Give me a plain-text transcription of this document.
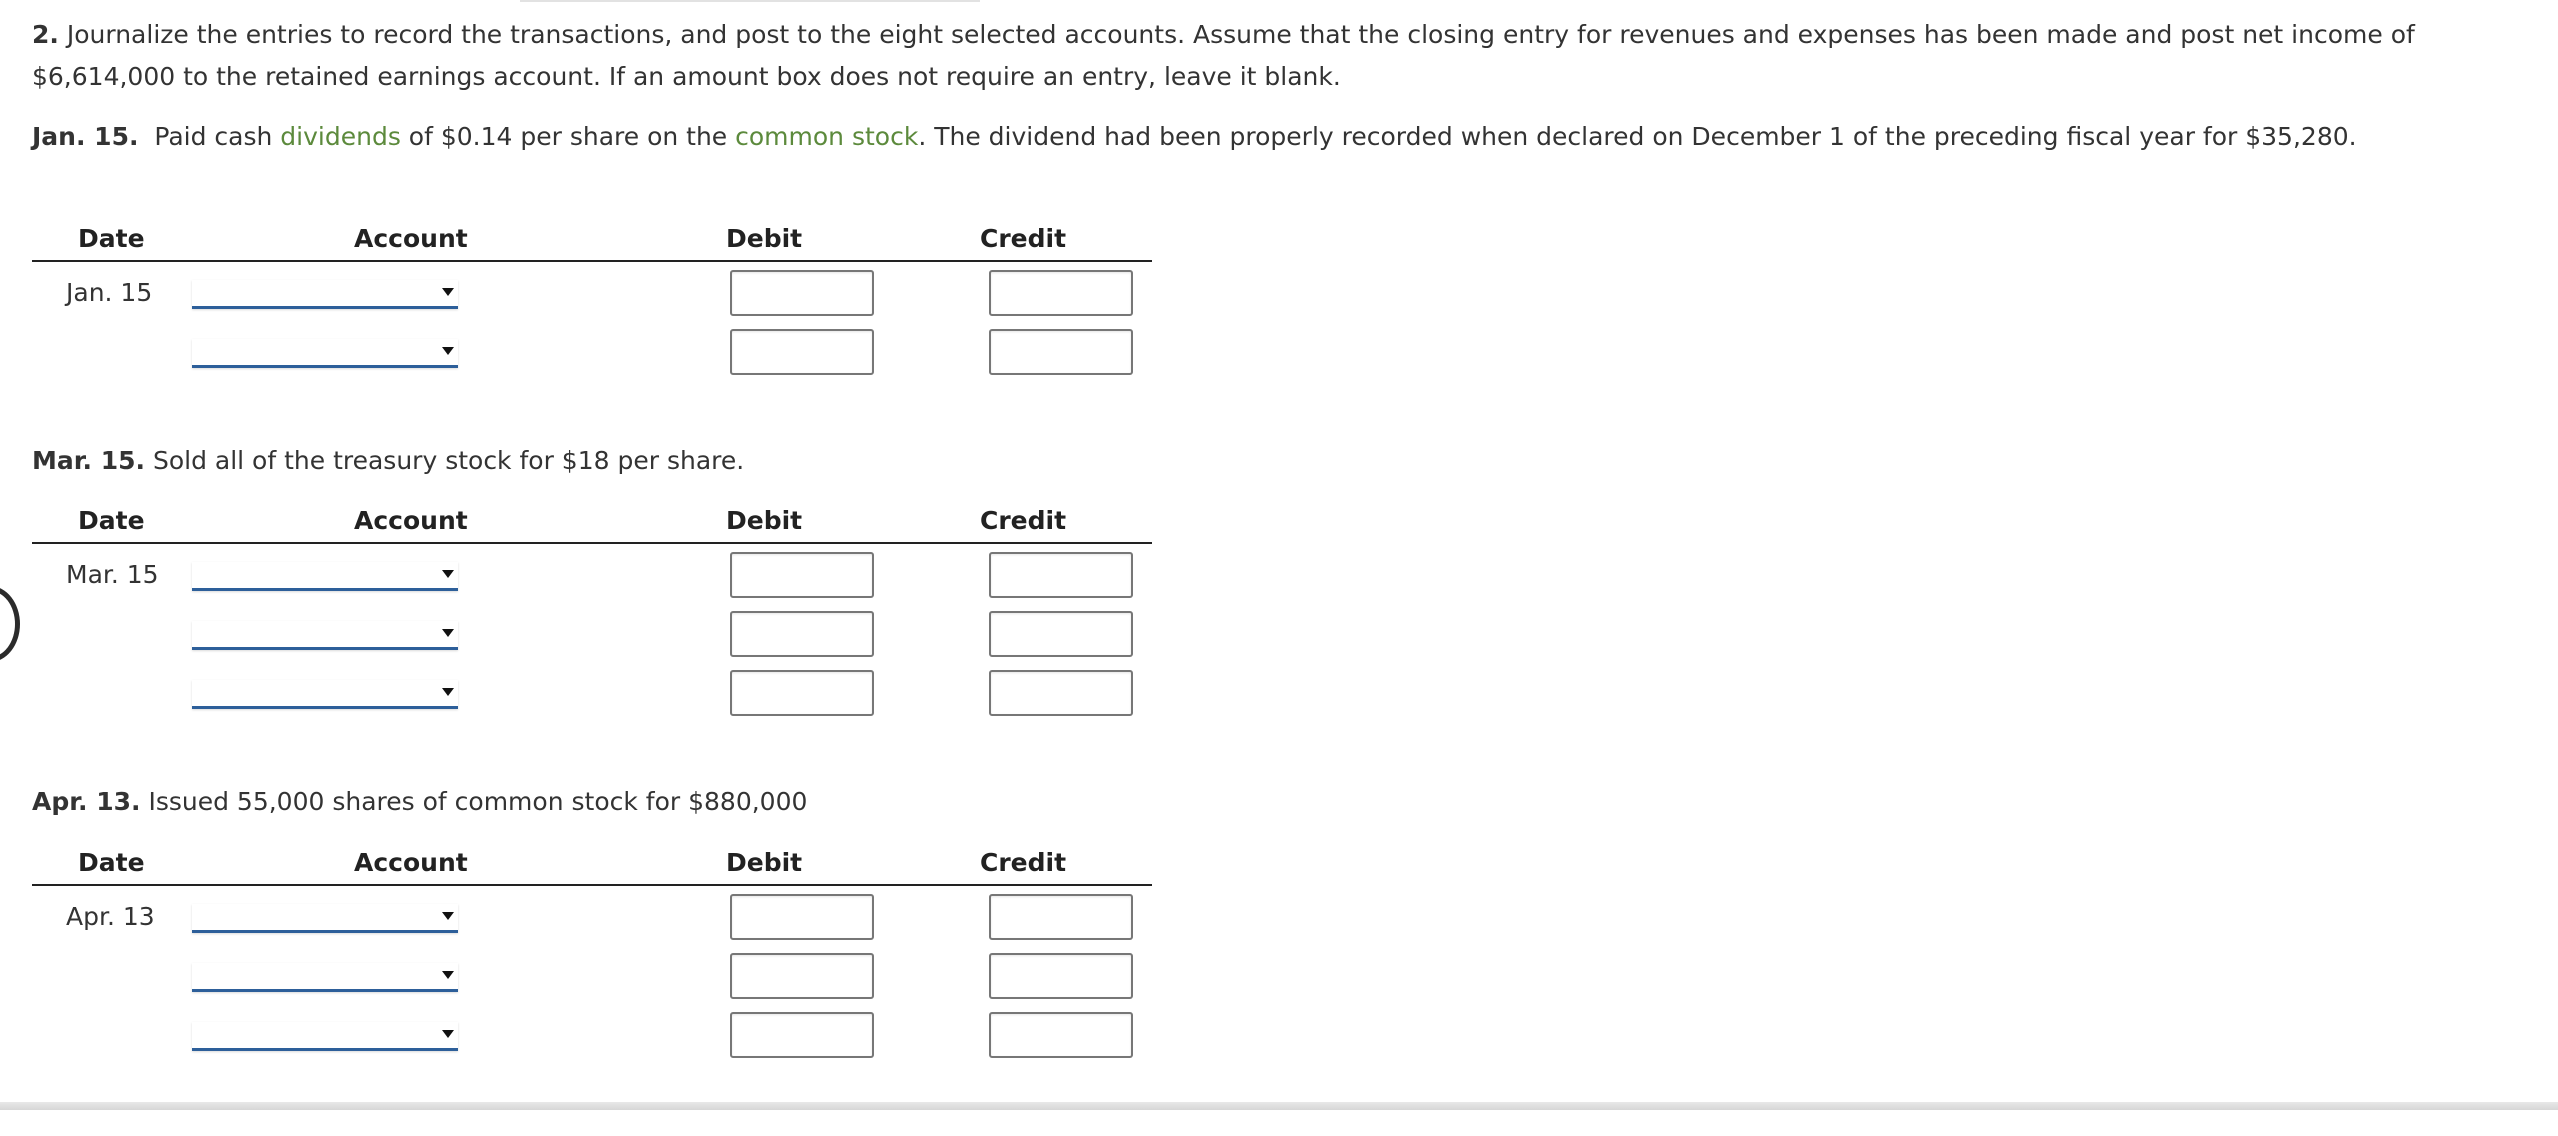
2. Journalize the entries to record the transactions, and post to the eight selected accounts. Assume that the closing entry for revenues and expenses has been made and post net income of $6,614,000 to the retained earnings account. If an amount box does not require an entry, leave it blank.
Jan. 15. Paid cash dividends of $0.14 per share on the common stock. The dividend had been properly recorded when declared on December 1 of the preceding fiscal year for $35,280.
Date	Account	Debit	Credit
Jan. 15
Mar. 15. Sold all of the treasury stock for $18 per share.
Date	Account	Debit	Credit
Mar. 15
Apr. 13. Issued 55,000 shares of common stock for $880,000
Date	Account	Debit	Credit
Apr. 13
